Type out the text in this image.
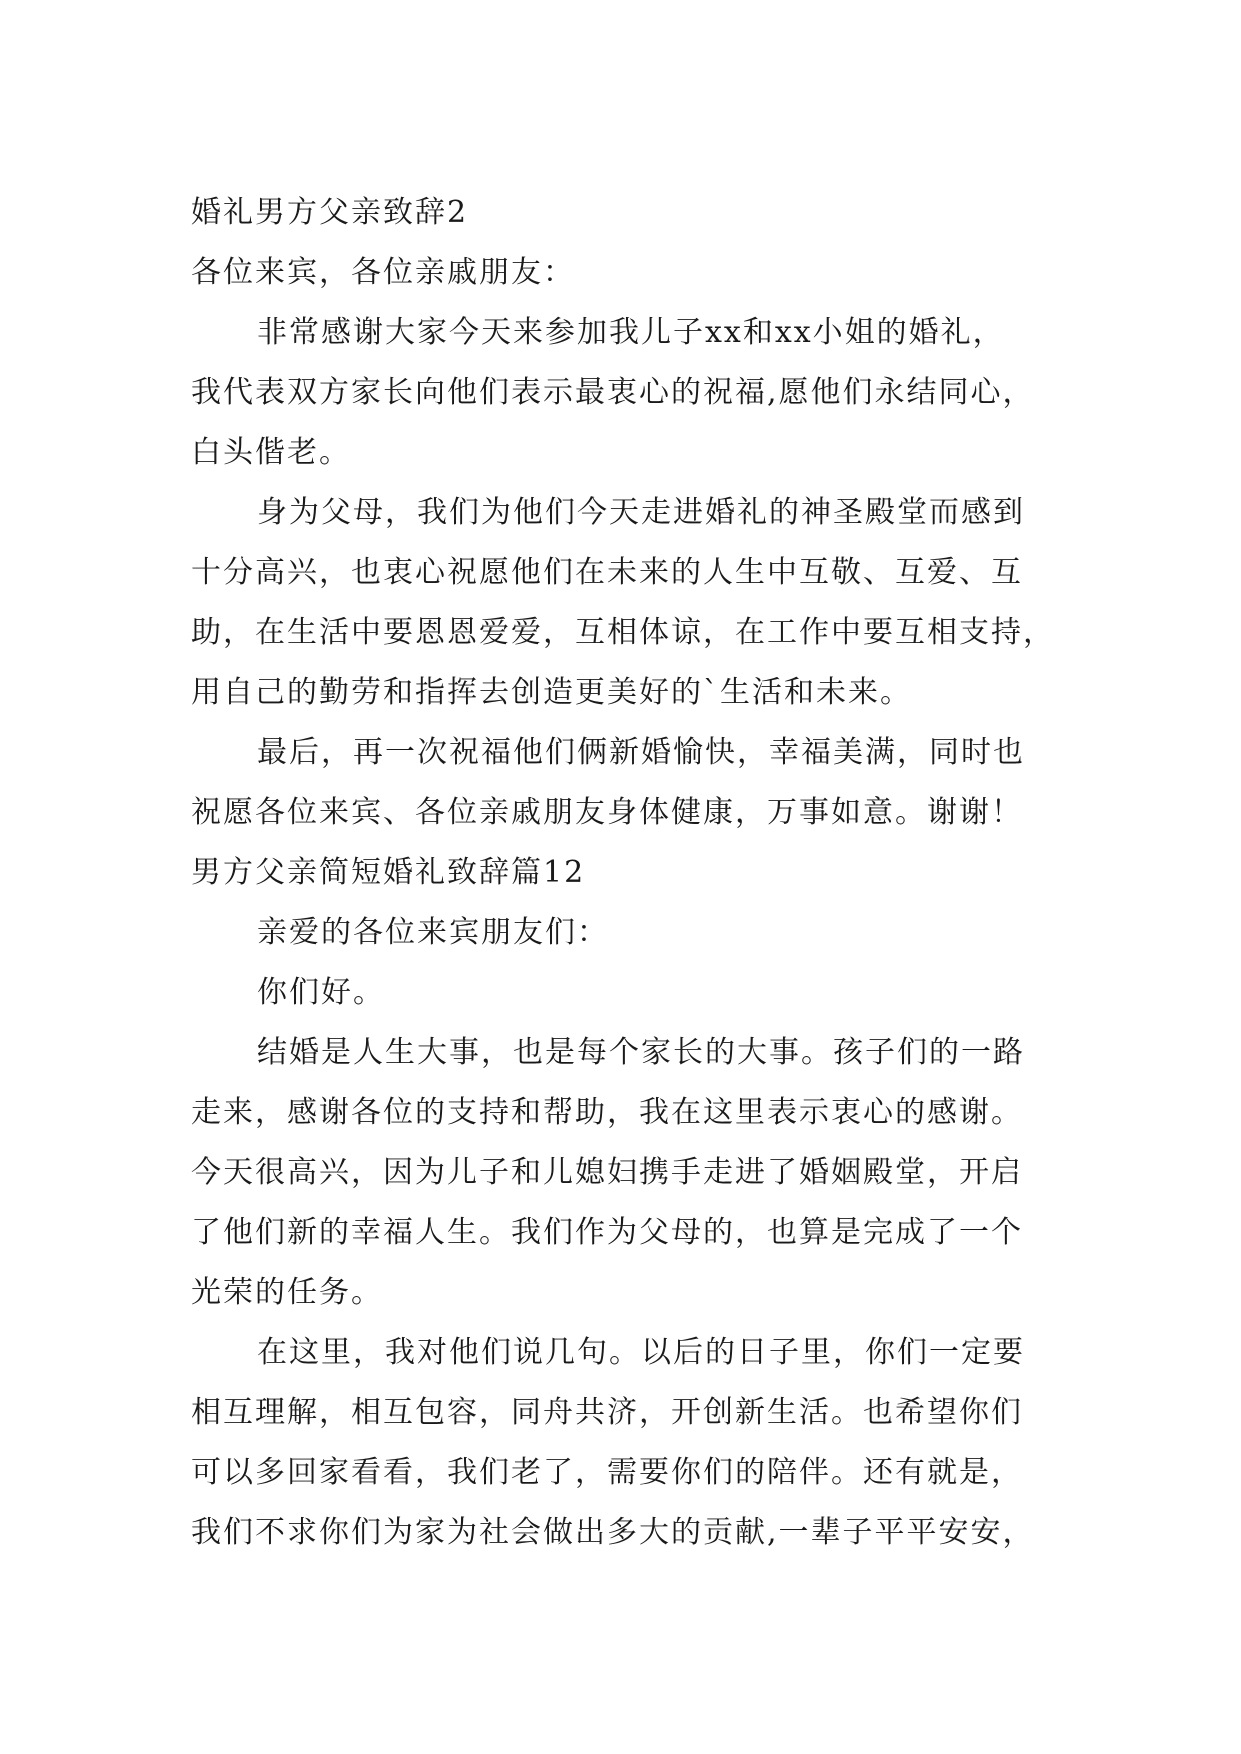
婚礼男方父亲致辞2
各位来宾，各位亲戚朋友：
非常感谢大家今天来参加我儿子xx和xx小姐的婚礼，
我代表双方家长向他们表示最衷心的祝福,愿他们永结同心，
白头偕老。
身为父母，我们为他们今天走进婚礼的神圣殿堂而感到
十分高兴，也衷心祝愿他们在未来的人生中互敬、互爱、互
助，在生活中要恩恩爱爱，互相体谅，在工作中要互相支持，
用自己的勤劳和指挥去创造更美好的`生活和未来。
最后，再一次祝福他们俩新婚愉快，幸福美满，同时也
祝愿各位来宾、各位亲戚朋友身体健康，万事如意。谢谢！
男方父亲简短婚礼致辞篇12
亲爱的各位来宾朋友们：
你们好。
结婚是人生大事，也是每个家长的大事。孩子们的一路
走来，感谢各位的支持和帮助，我在这里表示衷心的感谢。
今天很高兴，因为儿子和儿媳妇携手走进了婚姻殿堂，开启
了他们新的幸福人生。我们作为父母的，也算是完成了一个
光荣的任务。
在这里，我对他们说几句。以后的日子里，你们一定要
相互理解，相互包容，同舟共济，开创新生活。也希望你们
可以多回家看看，我们老了，需要你们的陪伴。还有就是，
我们不求你们为家为社会做出多大的贡献,一辈子平平安安，
